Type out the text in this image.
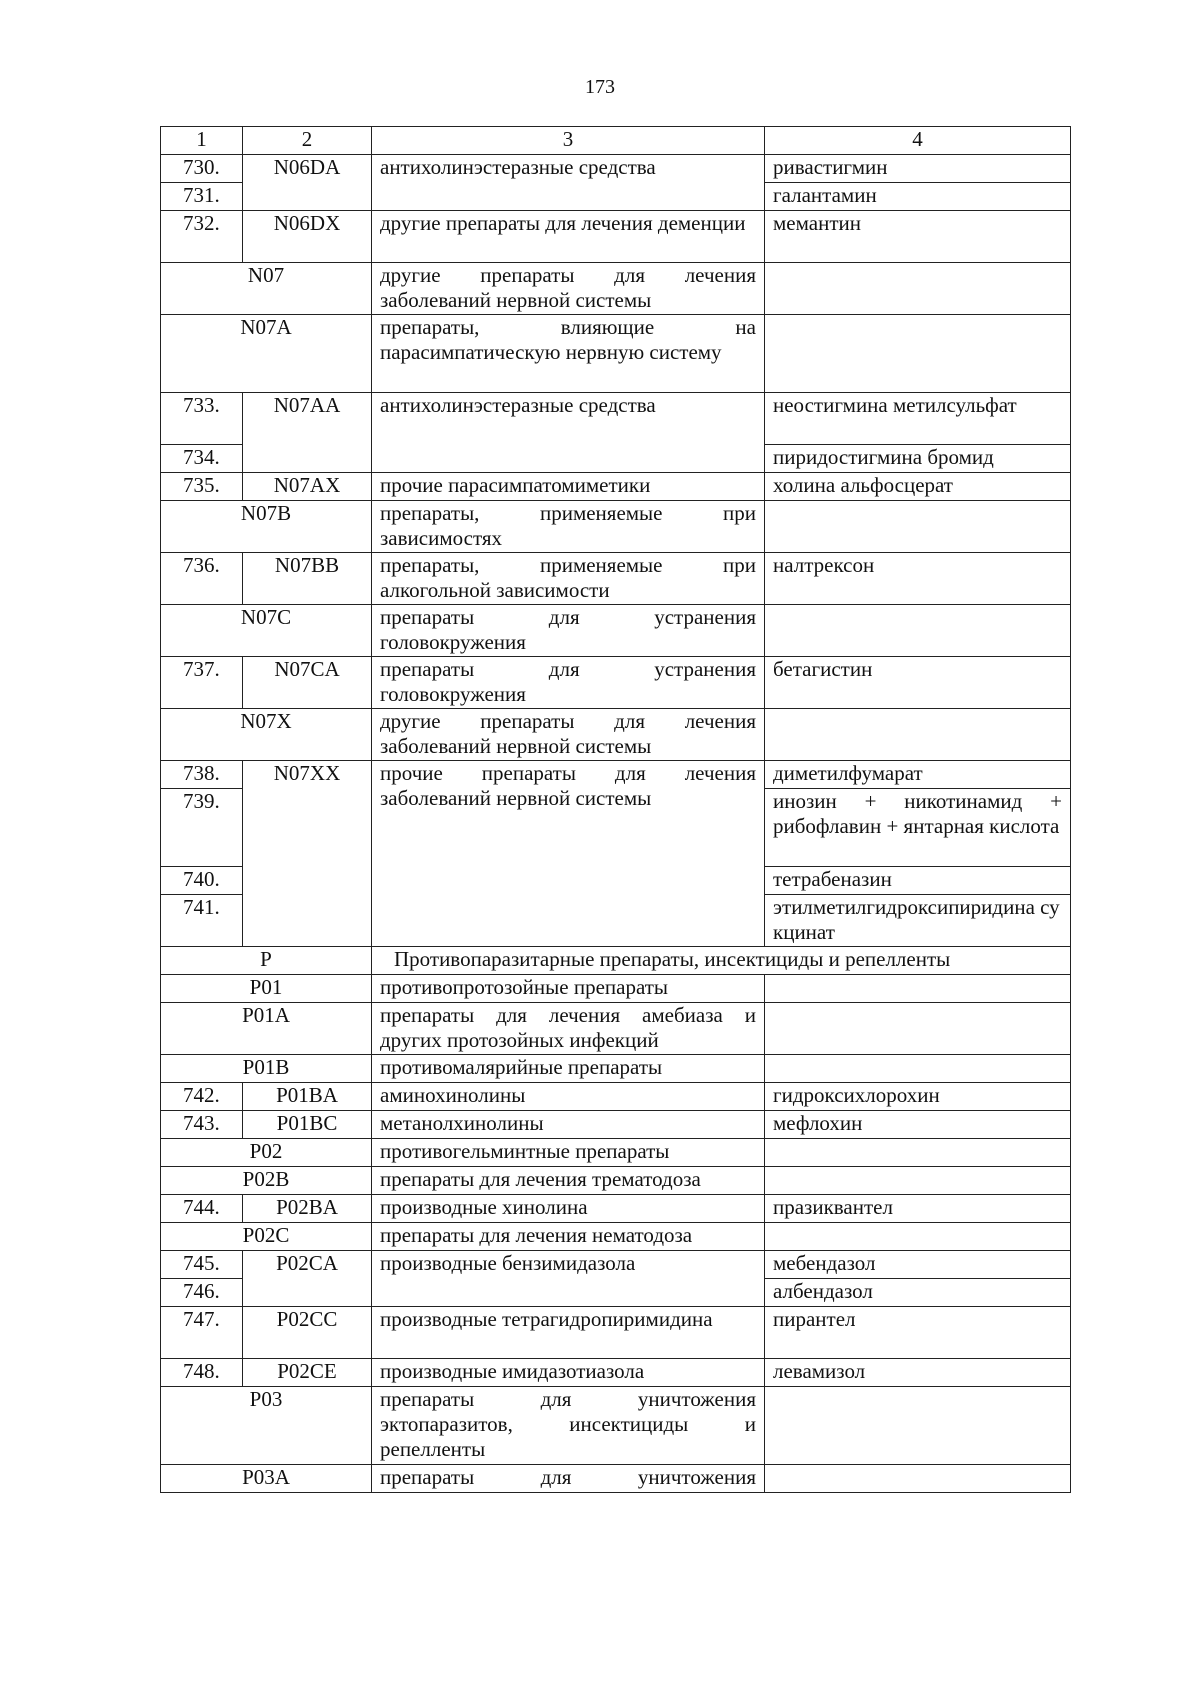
173
1	2	3	4
730.	N06DA	антихолинэстеразные средства	ривастигмин
731.			галантамин
732.	N06DX	другие препараты для лечения деменции	мемантин
N07		другие препараты для лечения заболеваний нервной системы	
N07A		препараты, влияющие на парасимпатическую нервную систему	
733.	N07AA	антихолинэстеразные средства	неостигмина метилсульфат
734.			пиридостигмина бромид
735.	N07AX	прочие парасимпатомиметики	холина альфосцерат
N07B		препараты, применяемые при зависимостях	
736.	N07BB	препараты, применяемые при алкогольной зависимости	налтрексон
N07C		препараты для устранения головокружения	
737.	N07CA	препараты для устранения головокружения	бетагистин
N07X		другие препараты для лечения заболеваний нервной системы	
738.	N07XX	прочие препараты для лечения заболеваний нервной системы	диметилфумарат
739.			инозин + никотинамид + рибофлавин + янтарная кислота
740.			тетрабеназин
741.			этилметилгидроксипиридина сукцинат
P		Противопаразитарные препараты, инсектициды и репелленты	
P01		противопротозойные препараты	
P01A		препараты для лечения амебиаза и других протозойных инфекций	
P01B		противомалярийные препараты	
742.	P01BA	аминохинолины	гидроксихлорохин
743.	P01BC	метанолхинолины	мефлохин
P02		противогельминтные препараты	
P02B		препараты для лечения трематодоза	
744.	P02BA	производные хинолина	празиквантел
P02C		препараты для лечения нематодоза	
745.	P02CA	производные бензимидазола	мебендазол
746.			албендазол
747.	P02CC	производные тетрагидропиримидина	пирантел
748.	P02CE	производные имидазотиазола	левамизол
P03		препараты для уничтожения эктопаразитов, инсектициды и репелленты	
P03A		препараты для уничтожения	
